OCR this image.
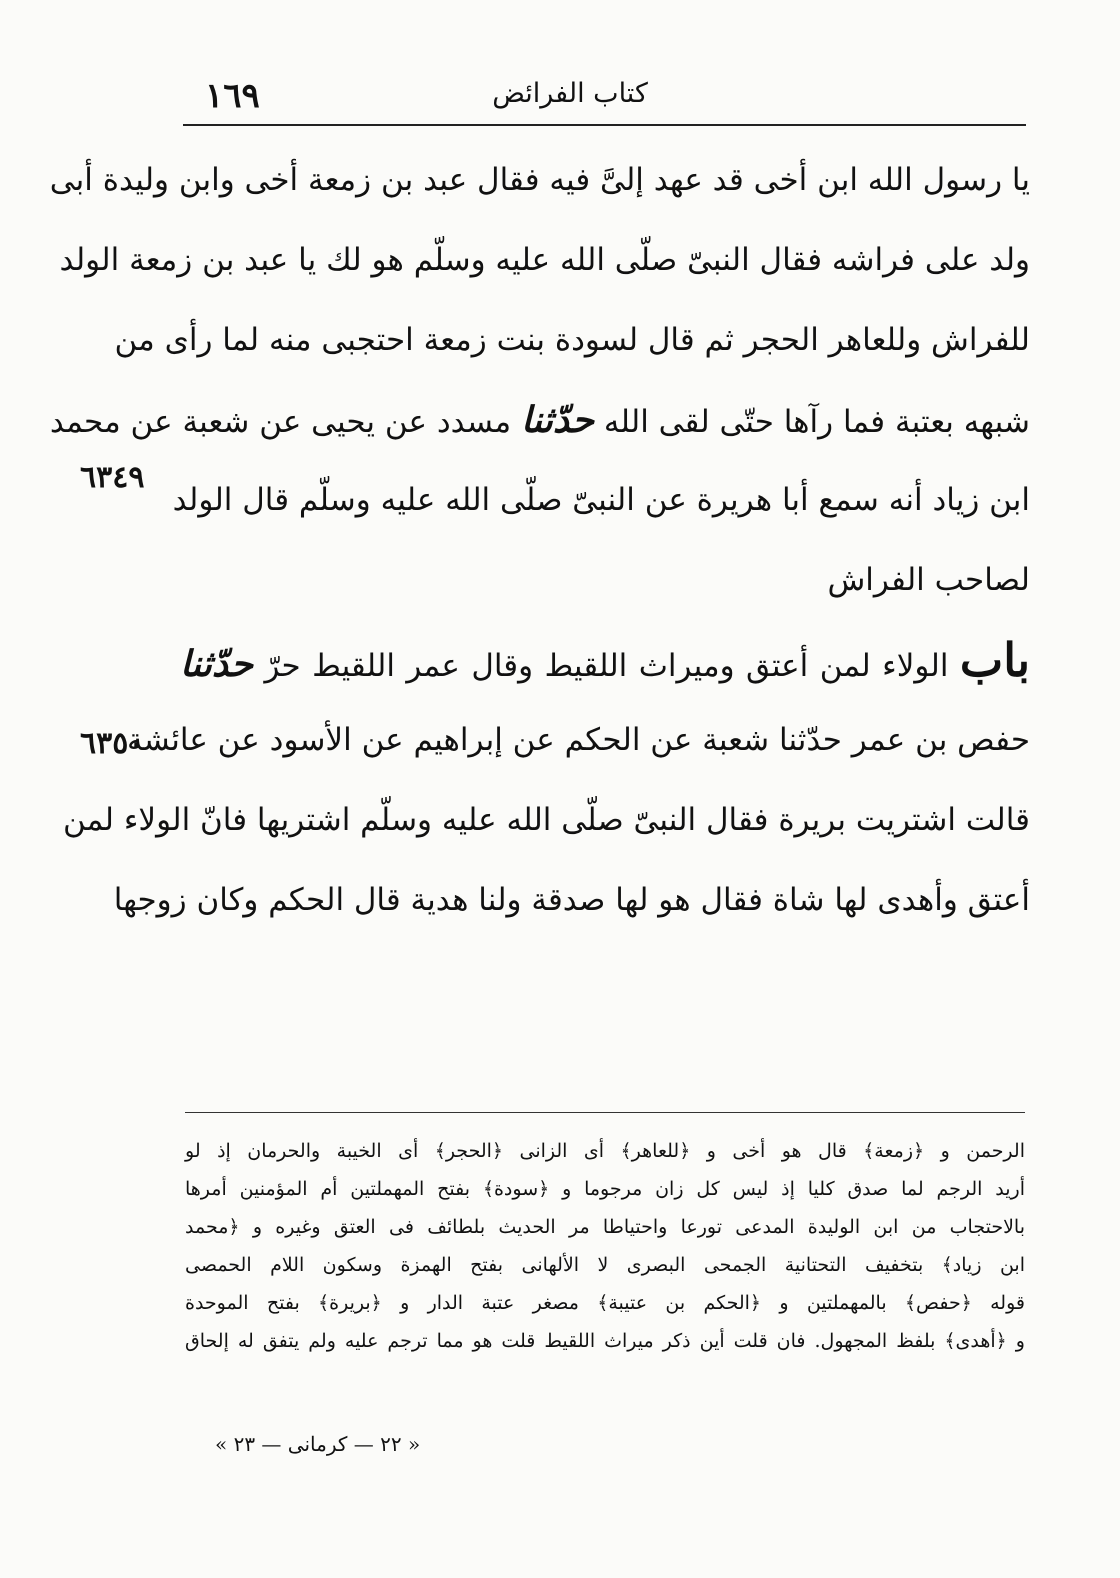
كتاب الفرائض
١٦٩
يا رسول الله ابن أخى قد عهد إلىَّ فيه فقال عبد بن زمعة أخى وابن وليدة أبى
ولد على فراشه فقال النبىّ صلّى الله عليه وسلّم هو لك يا عبد بن زمعة الولد
للفراش وللعاهر الحجر ثم قال لسودة بنت زمعة احتجبى منه لما رأى من
شبهه بعتبة فما رآها حتّى لقى الله حدّثنا مسدد عن يحيى عن شعبة عن محمد
ابن زياد أنه سمع أبا هريرة عن النبىّ صلّى الله عليه وسلّم قال الولد
لصاحب الفراش
باب الولاء لمن أعتق وميراث اللقيط وقال عمر اللقيط حرّ حدّثنا
حفص بن عمر حدّثنا شعبة عن الحكم عن إبراهيم عن الأسود عن عائشة
قالت اشتريت بريرة فقال النبىّ صلّى الله عليه وسلّم اشتريها فانّ الولاء لمن
أعتق وأهدى لها شاة فقال هو لها صدقة ولنا هدية قال الحكم وكان زوجها
٦٣٤٩
٦٣٥٠
الرحمن و ﴿زمعة﴾ قال هو أخى و ﴿للعاهر﴾ أى الزانى ﴿الحجر﴾ أى الخيبة والحرمان إذ لو
أريد الرجم لما صدق كليا إذ ليس كل زان مرجوما و ﴿سودة﴾ بفتح المهملتين أم المؤمنين أمرها
بالاحتجاب من ابن الوليدة المدعى تورعا واحتياطا مر الحديث بلطائف فى العتق وغيره و ﴿محمد
ابن زياد﴾ بتخفيف التحتانية الجمحى البصرى لا الألهانى بفتح الهمزة وسكون اللام الحمصى
قوله ﴿حفص﴾ بالمهملتين و ﴿الحكم بن عتيبة﴾ مصغر عتبة الدار و ﴿بريرة﴾ بفتح الموحدة
و ﴿أهدى﴾ بلفظ المجهول. فان قلت أين ذكر ميراث اللقيط قلت هو مما ترجم عليه ولم يتفق له إلحاق
« ٢٢ — كرمانى — ٢٣ »
